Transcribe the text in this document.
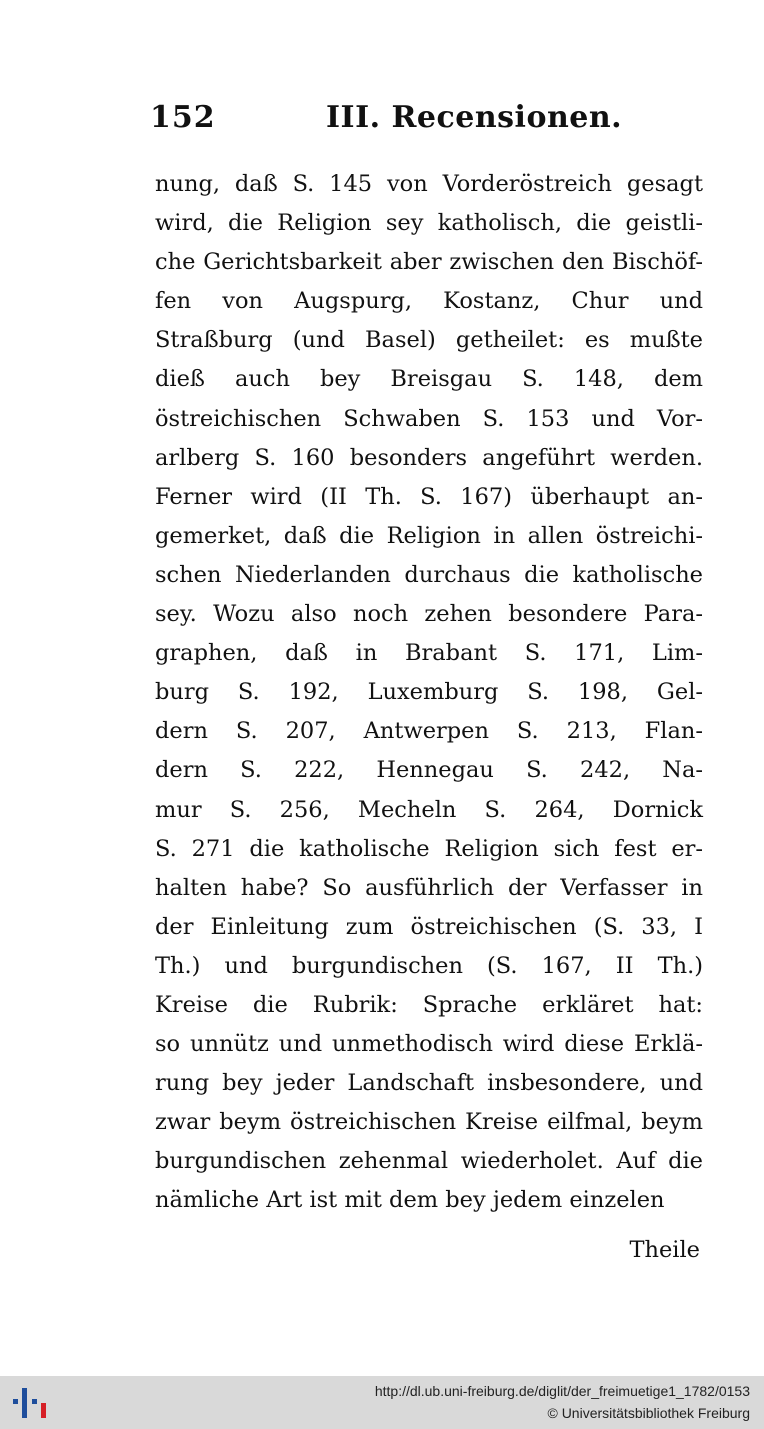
152	III. Recensionen.
nung, daß S. 145 von Vorderöstreich gesagt
wird, die Religion sey katholisch, die geistli-
che Gerichtsbarkeit aber zwischen den Bischöf-
fen von Augspurg, Kostanz, Chur und
Straßburg (und Basel) getheilet: es mußte
dieß auch bey Breisgau S. 148, dem
östreichischen Schwaben S. 153 und Vor-
arlberg S. 160 besonders angeführt werden.
Ferner wird (II Th. S. 167) überhaupt an-
gemerket, daß die Religion in allen östreichi-
schen Niederlanden durchaus die katholische
sey. Wozu also noch zehen besondere Para-
graphen, daß in Brabant S. 171, Lim-
burg S. 192, Luxemburg S. 198, Gel-
dern S. 207, Antwerpen S. 213, Flan-
dern S. 222, Hennegau S. 242, Na-
mur S. 256, Mecheln S. 264, Dornick
S. 271 die katholische Religion sich fest er-
halten habe? So ausführlich der Verfasser in
der Einleitung zum östreichischen (S. 33, I
Th.) und burgundischen (S. 167, II Th.)
Kreise die Rubrik: Sprache erkläret hat:
so unnütz und unmethodisch wird diese Erklä-
rung bey jeder Landschaft insbesondere, und
zwar beym östreichischen Kreise eilfmal, beym
burgundischen zehenmal wiederholet. Auf die
nämliche Art ist mit dem bey jedem einzelen
Theile
http://dl.ub.uni-freiburg.de/diglit/der_freimuetige1_1782/0153
© Universitätsbibliothek Freiburg
